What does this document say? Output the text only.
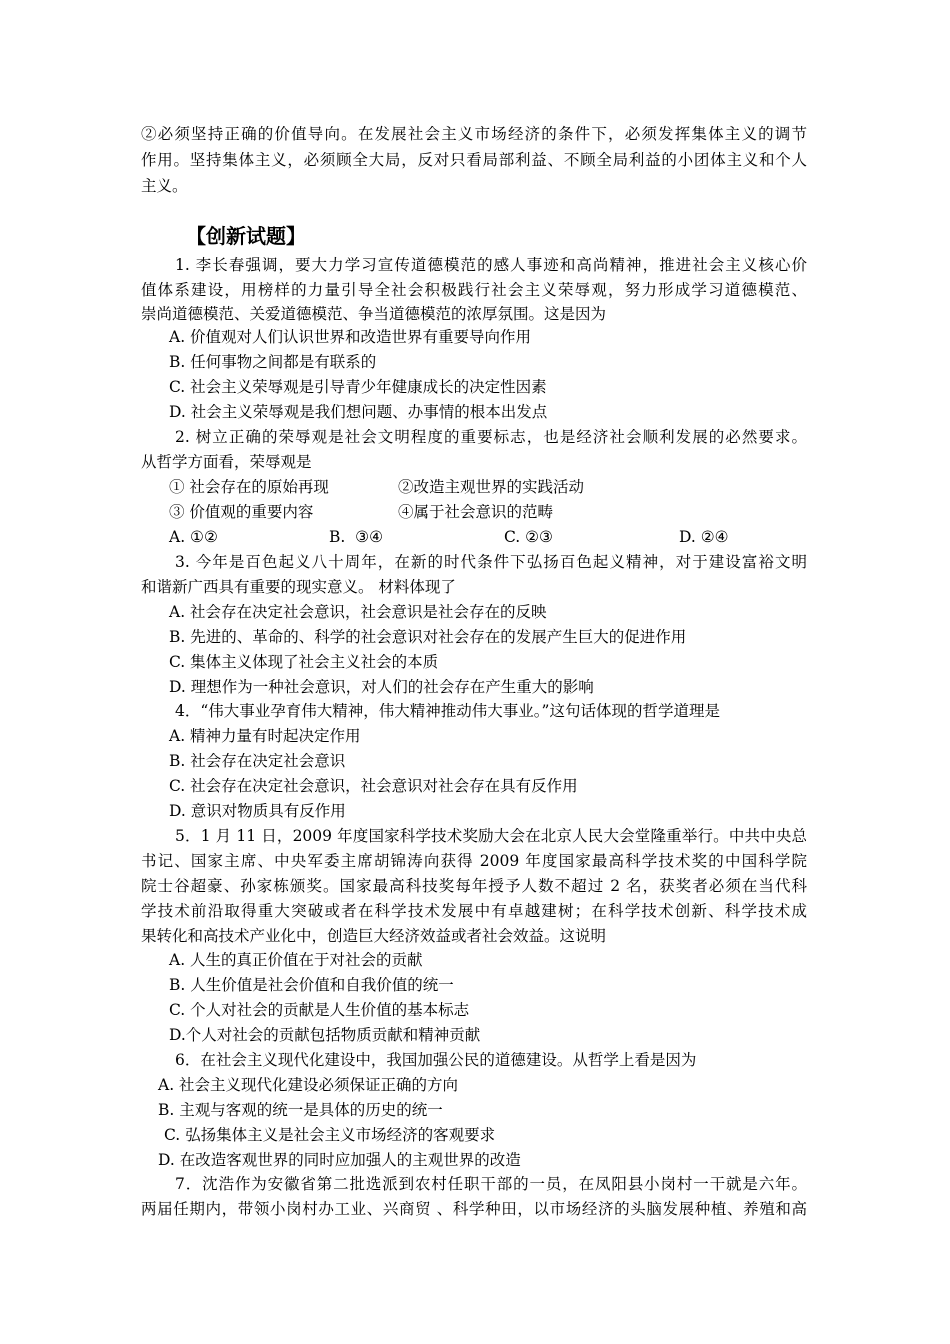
②必须坚持正确的价值导向。在发展社会主义市场经济的条件下，必须发挥集体主义的调节
作用。坚持集体主义，必须顾全大局，反对只看局部利益、不顾全局利益的小团体主义和个人
主义。
【创新试题】
1. 李长春强调，要大力学习宣传道德模范的感人事迹和高尚精神，推进社会主义核心价
值体系建设，用榜样的力量引导全社会积极践行社会主义荣辱观，努力形成学习道德模范、
崇尚道德模范、关爱道德模范、争当道德模范的浓厚氛围。这是因为
A. 价值观对人们认识世界和改造世界有重要导向作用
B. 任何事物之间都是有联系的
C. 社会主义荣辱观是引导青少年健康成长的决定性因素
D. 社会主义荣辱观是我们想问题、办事情的根本出发点
2. 树立正确的荣辱观是社会文明程度的重要标志，也是经济社会顺利发展的必然要求。
从哲学方面看，荣辱观是
① 社会存在的原始再现	②改造主观世界的实践活动
③ 价值观的重要内容	④属于社会意识的范畴
A. ①②	B.  ③④	C. ②③	D. ②④
3. 今年是百色起义八十周年，在新的时代条件下弘扬百色起义精神，对于建设富裕文明
和谐新广西具有重要的现实意义。 材料体现了
A. 社会存在决定社会意识，社会意识是社会存在的反映
B. 先进的、革命的、科学的社会意识对社会存在的发展产生巨大的促进作用
C. 集体主义体现了社会主义社会的本质
D. 理想作为一种社会意识，对人们的社会存在产生重大的影响
4．“伟大事业孕育伟大精神，伟大精神推动伟大事业。”这句话体现的哲学道理是
A. 精神力量有时起决定作用
B. 社会存在决定社会意识
C. 社会存在决定社会意识，社会意识对社会存在具有反作用
D. 意识对物质具有反作用
5．1 月 11 日，2009 年度国家科学技术奖励大会在北京人民大会堂隆重举行。中共中央总
书记、国家主席、中央军委主席胡锦涛向获得 2009 年度国家最高科学技术奖的中国科学院
院士谷超豪、孙家栋颁奖。国家最高科技奖每年授予人数不超过 2 名，获奖者必须在当代科
学技术前沿取得重大突破或者在科学技术发展中有卓越建树；在科学技术创新、科学技术成
果转化和高技术产业化中，创造巨大经济效益或者社会效益。这说明
A. 人生的真正价值在于对社会的贡献
B. 人生价值是社会价值和自我价值的统一
C. 个人对社会的贡献是人生价值的基本标志
D.个人对社会的贡献包括物质贡献和精神贡献
6．在社会主义现代化建设中，我国加强公民的道德建设。从哲学上看是因为
A. 社会主义现代化建设必须保证正确的方向
B. 主观与客观的统一是具体的历史的统一
C. 弘扬集体主义是社会主义市场经济的客观要求
D. 在改造客观世界的同时应加强人的主观世界的改造
7．沈浩作为安徽省第二批选派到农村任职干部的一员，在凤阳县小岗村一干就是六年。
两届任期内，带领小岗村办工业、兴商贸 、科学种田，以市场经济的头脑发展种植、养殖和高
